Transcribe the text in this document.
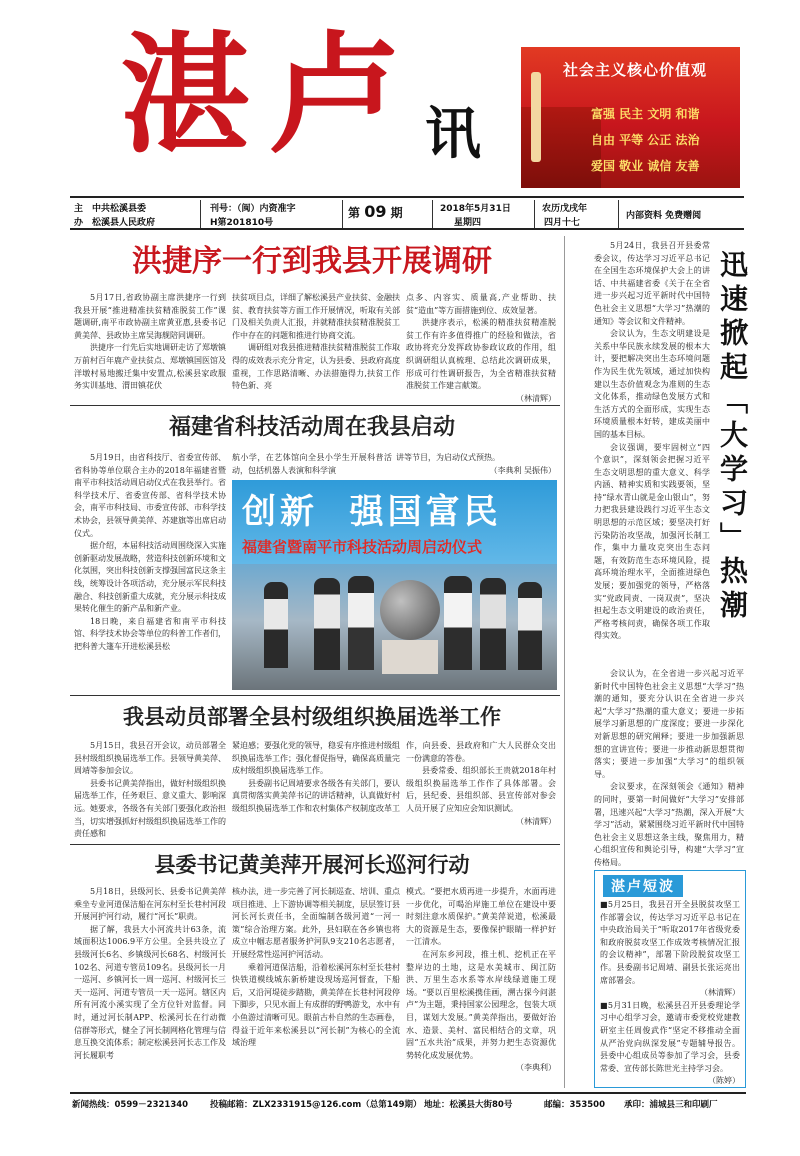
湛 卢 讯
社会主义核心价值观
富强 民主 文明 和谐
自由 平等 公正 法治
爱国 敬业 诚信 友善
主
办
中共松溪县委
松溪县人民政府
刊号：（闽）内资准字
H第201810号
第 09 期	2018年5月31日
星期四
农历戊戌年
四月十七
内部资料 免费赠阅
洪捷序一行到我县开展调研

5月17日,省政协副主席洪捷序一行到我县开展“推进精准扶贫精准脱贫工作”课题调研,南平市政协副主席黄亚惠,县委书记黄美萍、县政协主席吴海舰陪同调研。

洪捷序一行先后实地调研走访了郑墩镇万前村百年鹿产业扶贫点、郑墩镇国医馆及洋墩村易地搬迁集中安置点,松溪县家政服务实训基地、渭田镇花伏

扶贫项目点，详细了解松溪县产业扶贫、金融扶贫、教育扶贫等方面工作开展情况，听取有关部门及相关负责人汇报，并就精准扶贫精准脱贫工作中存在的问题和推进行协商交流。

调研组对我县推进精准扶贫精准脱贫工作取得的成效表示充分肯定，认为县委、县政府高度重视，工作思路清晰、办法措施得力,扶贫工作特色新、亮

点多、内容实、质量高,产业帮助、扶贫“造血”等方面措施到位、成效显著。

洪捷序表示，松溪的精准扶贫精准脱贫工作有许多值得推广的经验和做法，省政协将充分发挥政协参政议政的作用，组织调研组认真梳理、总结此次调研成果，形成可行性调研报告，为全省精准扶贫精准脱贫工作建言献策。

（林清辉）

福建省科技活动周在我县启动

5月19日，由省科技厅、省委宣传部、省科协等单位联合主办的2018年福建省暨南平市科技活动周启动仪式在我县举行。省科学技术厅、省委宣传部、省科学技术协会，南平市科技局、市委宣传部、市科学技术协会，县领导黄美萍、苏建旗等出席启动仪式。

据介绍，本届科技活动周围绕深入实施创新驱动发展战略，营造科技创新环境和文化氛围，突出科技创新支撑强国富民这条主线，统筹设计各项活动，充分展示军民科技融合、科技创新重大成就，充分展示科技成果转化催生的新产品和新产业。

18日晚，来自福建省和南平市科技馆、科学技术协会等单位的科普工作者们，把科普大篷车开进松溪县松

航小学，在艺体馆向全县小学生开展科普活动，包括机器人表演和科学演

讲等节目，为启动仪式预热。

（李典利 吴振伟）

创新  强国富民
福建省暨南平市科技活动周启动仪式
我县动员部署全县村级组织换届选举工作

5月15日，我县召开会议，动员部署全县村级组织换届选举工作。县领导黄美萍、周靖等参加会议。

县委书记黄美萍指出，做好村级组织换届选举工作，任务艰巨、意义重大、影响深远。她要求，各级各有关部门要强化政治担当，切实增强抓好村级组织换届选举工作的责任感和

紧迫感；要强化党的领导，稳妥有序推进村级组织换届选举工作；强化督促指导，确保高质量完成村级组织换届选举工作。

县委副书记周靖要求各级各有关部门，要认真贯彻落实黄美萍书记的讲话精神，认真做好村级组织换届选举工作和农村集体产权制度改革工

作，向县委、县政府和广大人民群众交出一份满意的答卷。

县委常委、组织部长王贵就2018年村级组织换届选举工作作了具体部署。会后，县纪委、县组织部、县宣传部对参会人员开展了应知应会知识测试。

（林清辉）

县委书记黄美萍开展河长巡河行动

5月18日，县级河长、县委书记黄美萍乘坐专业河道保洁船在河东村至长巷村河段开展河护河行动，履行“河长”职责。

据了解，我县大小河流共计63条，流域面积达1006.9平方公里。全县共设立了县级河长6名、乡镇级河长68名、村级河长102名、河道专管员109名。县级河长一月一巡河、乡镇河长一周一巡河、村级河长三天一巡河、河道专管员一天一巡河。辖区内所有河流小溪实现了全方位针对监督。同时，通过河长制APP、松溪河长在行动微信群等形式，健全了河长制网格化管理与信息互换交流体系；制定松溪县河长志工作及河长履职考

核办法，进一步完善了河长制巡查、培训、重点项目推进、上下游协调等相关制度，层层签订县河长河长责任书，全面编制各级河道“一河一策”综合治理方案。此外，县妇联在各乡镇也将成立中帼志愿者服务护河队9支210名志愿者，开展经常性巡河护河活动。

乘着河道保洁船，沿着松溪河东村至长巷村快铁道模线城东新桥建设现场巡河督查，下船后，又沿河堤徒步踏勘，黄美萍在长巷村河段停下脚步，只见水面上有成群的野鸭游戈，水中有小鱼游过清晰可见。眼前古朴自然的生态画卷，得益于近年来松溪县以“河长制”为核心的全流域治理

模式。“要把水质再进一步提升，水面再进一步优化，可喝治岸施工单位在建设中要时刻注意水质保护。”黄美萍说道，松溪最大的资源是生态，要像保护眼睛一样护好一江清水。

在河东乡河段，推土机、挖机正在平整岸边的土地，这是水美城市、闽江防洪、万里生态水系等水岸线绿道施工现场。“要以百里松溪携佳画，溯古探今问湛卢”为主题，秉持国家公园理念，包装大项目，谋划大发展。”黄美萍指出，要做好治水、造景、美村、富民相结合的文章，巩固“五水共治”成果，并努力把生态资源优势转化成发展优势。

（李典利）

迅速掀起「大学习」热潮

5月24日，我县召开县委常委会议，传达学习习近平总书记在全国生态环境保护大会上的讲话、中共福建省委《关于在全省进一步兴起习近平新时代中国特色社会主义思想“大学习”热潮的通知》等会议和文件精神。

会议认为，生态文明建设是关系中华民族永续发展的根本大计，要把解决突出生态环境问题作为民生优先领域，通过加快构建以生态价值观念为准则的生态文化体系，推动绿色发展方式和生活方式的全面形成，实现生态环境质量根本好转，建成美丽中国的基本目标。

会议强调，要牢固树立“四个意识”，深刻领会把握习近平生态文明思想的重大意义、科学内涵、精神实质和实践要领，坚持“绿水青山就是金山银山”，努力把我县建设践行习近平生态文明思想的示范区域；要坚决打好污染防治攻坚战，加强河长制工作，集中力量攻克突出生态问题，有效防范生态环境风险，提高环境治理水平，全面推进绿色发展；要加强党的领导，严格落实“党政同责、一岗双责”，坚决担起生态文明建设的政治责任，严格考核问责，确保各项工作取得实效。

会议认为，在全省进一步兴起习近平新时代中国特色社会主义思想“大学习”热潮的通知，要充分认识在全省进一步兴起“大学习”热潮的重大意义；要进一步拓展学习新思想的广度深度；要进一步深化对新思想的研究阐释；要进一步加强新思想的宣讲宣传；要进一步推动新思想贯彻落实；要进一步加强“大学习”的组织领导。

会议要求，在深刻领会《通知》精神的同时，要第一时间做好“大学习”安排部署，迅速兴起“大学习”热潮，深入开展“大学习”活动，紧紧围绕习近平新时代中国特色社会主义思想这条主线，聚焦用力，精心组织宣传和舆论引导，构建“大学习”宣传格局。

湛卢短波

■5月25日，我县召开全县脱贫攻坚工作部署会议，传达学习习近平总书记在中央政治局关于“听取2017年省级党委和政府脱贫攻坚工作成效考核情况汇报的会议精神”，部署下阶段脱贫攻坚工作。县委副书记周靖、副县长张运亮出席部署会。

（林清辉）

■5月31日晚，松溪县召开县委理论学习中心组学习会，邀请市委党校党建教研室主任周俊武作“坚定不移推动全面从严治党向纵深发展”专题辅导报告。县委中心组成员等参加了学习会，县委常委、宣传部长陈世光主持学习会。

（陈婷）

新闻热线：0599－2321340	投稿邮箱：ZLX2331915@126.com（总第149期） 地址：松溪县大街80号	邮编：353500 承印：浦城县三和印刷厂
